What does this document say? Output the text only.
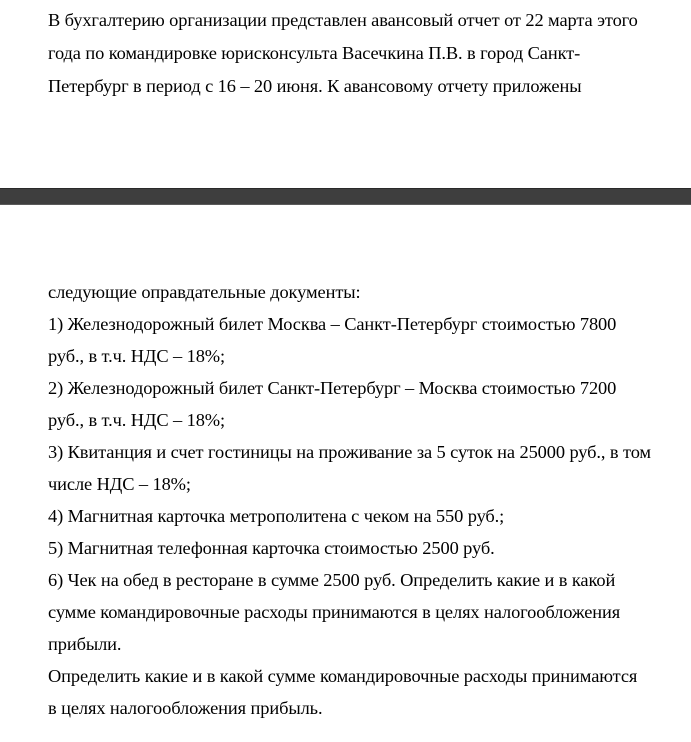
В бухгалтерию организации представлен авансовый отчет от 22 марта этого
года по командировке юрисконсульта Васечкина П.В. в город Санкт-
Петербург в период с 16 – 20 июня. К авансовому отчету приложены
следующие оправдательные документы:
1) Железнодорожный билет Москва – Санкт-Петербург стоимостью 7800
руб., в т.ч. НДС – 18%;
2) Железнодорожный билет Санкт-Петербург – Москва стоимостью 7200
руб., в т.ч. НДС – 18%;
3) Квитанция и счет гостиницы на проживание за 5 суток на 25000 руб., в том
числе НДС – 18%;
4) Магнитная карточка метрополитена с чеком на 550 руб.;
5) Магнитная телефонная карточка стоимостью 2500 руб.
6) Чек на обед в ресторане в сумме 2500 руб. Определить какие и в какой
сумме командировочные расходы принимаются в целях налогообложения
прибыли.
Определить какие и в какой сумме командировочные расходы принимаются
в целях налогообложения прибыль.
